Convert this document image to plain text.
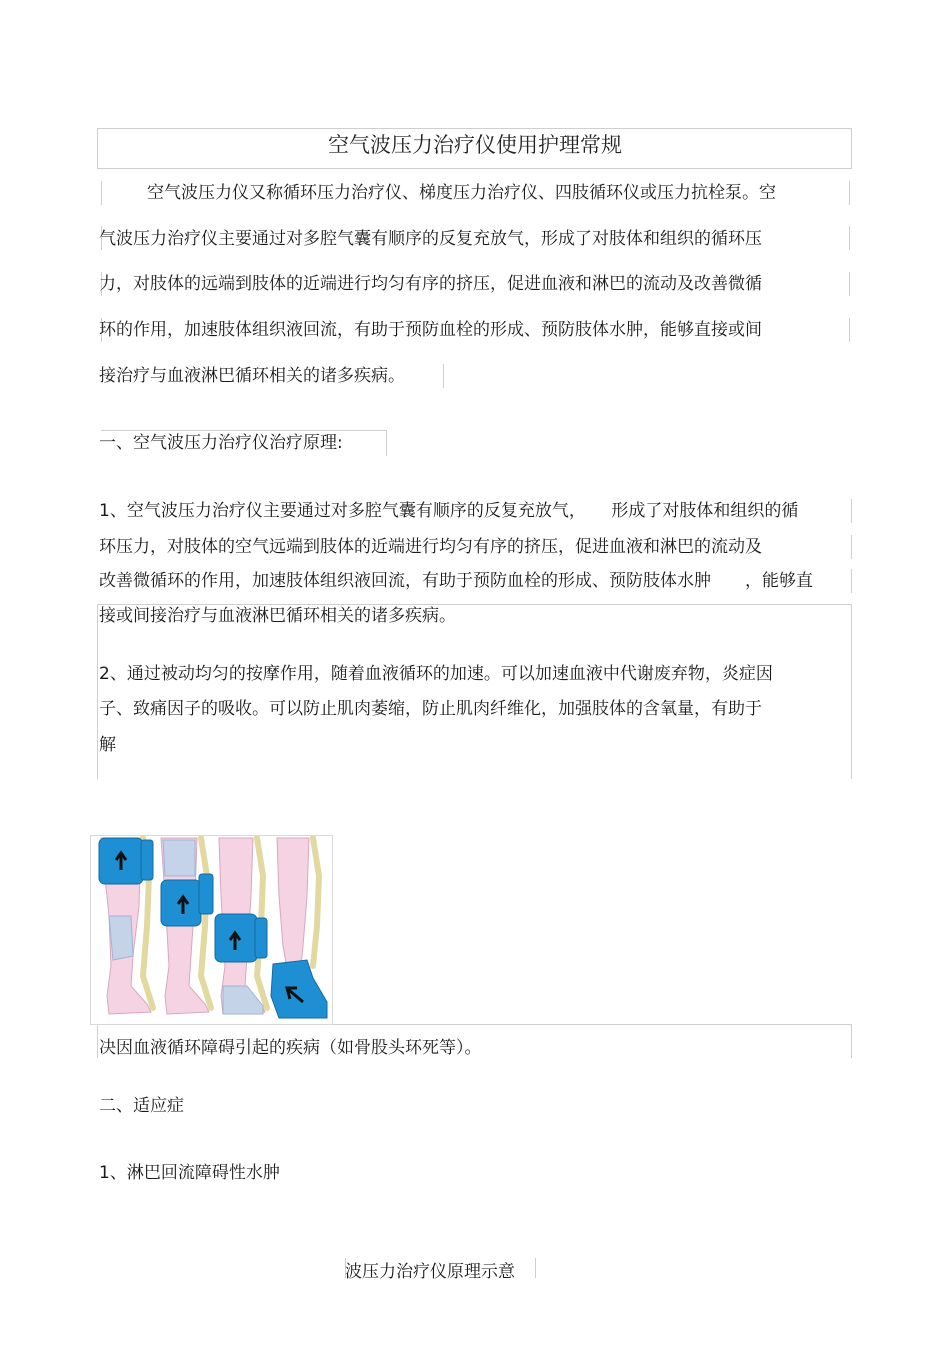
空气波压力治疗仪使用护理常规
空气波压力仪又称循环压力治疗仪、梯度压力治疗仪、四肢循环仪或压力抗栓泵。空
气波压力治疗仪主要通过对多腔气囊有顺序的反复充放气，形成了对肢体和组织的循环压
力，对肢体的远端到肢体的近端进行均匀有序的挤压，促进血液和淋巴的流动及改善微循
环的作用，加速肢体组织液回流，有助于预防血栓的形成、预防肢体水肿，能够直接或间
接治疗与血液淋巴循环相关的诸多疾病。
一、空气波压力治疗仪治疗原理:
1、空气波压力治疗仪主要通过对多腔气囊有顺序的反复充放气，　　形成了对肢体和组织的循
环压力，对肢体的空气远端到肢体的近端进行均匀有序的挤压，促进血液和淋巴的流动及
改善微循环的作用，加速肢体组织液回流，有助于预防血栓的形成、预防肢体水肿　　，能够直
接或间接治疗与血液淋巴循环相关的诸多疾病。
2、通过被动均匀的按摩作用，随着血液循环的加速。可以加速血液中代谢废弃物，炎症因
子、致痛因子的吸收。可以防止肌肉萎缩，防止肌肉纤维化，加强肢体的含氧量，有助于
解
决因血液循环障碍引起的疾病（如骨股头环死等）。
二、适应症
1、淋巴回流障碍性水肿
波压力治疗仪原理示意
